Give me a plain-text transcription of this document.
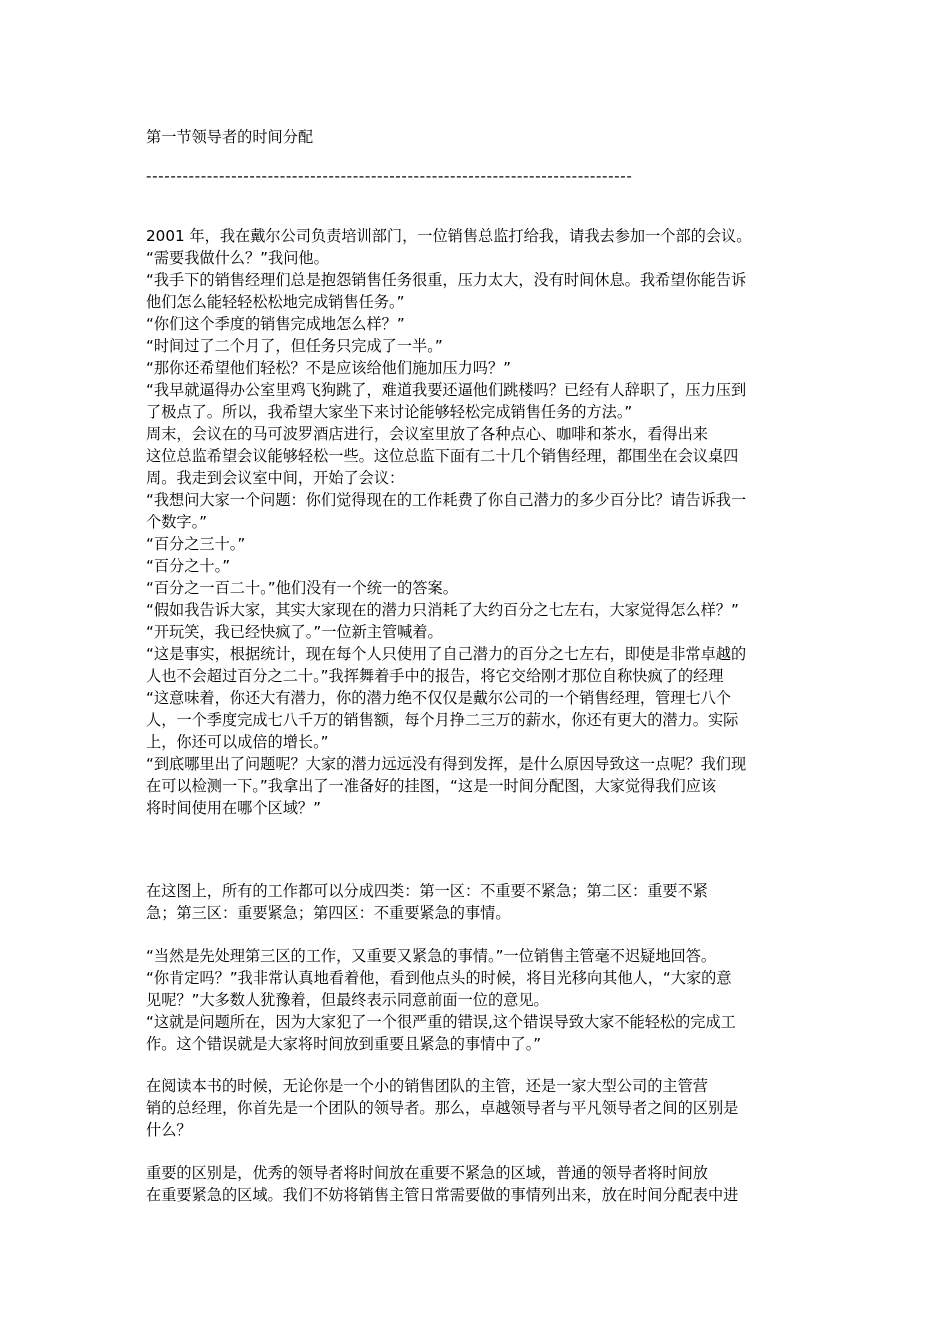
第一节领导者的时间分配
--------------------------------------------------------------------------------
2001 年，我在戴尔公司负责培训部门，一位销售总监打给我，请我去参加一个部的会议。
“需要我做什么？”我问他。
“我手下的销售经理们总是抱怨销售任务很重，压力太大，没有时间休息。我希望你能告诉
他们怎么能轻轻松松地完成销售任务。”
“你们这个季度的销售完成地怎么样？”
“时间过了二个月了，但任务只完成了一半。”
“那你还希望他们轻松？不是应该给他们施加压力吗？”
“我早就逼得办公室里鸡飞狗跳了，难道我要还逼他们跳楼吗？已经有人辞职了，压力压到
了极点了。所以，我希望大家坐下来讨论能够轻松完成销售任务的方法。”
周末，会议在的马可波罗酒店进行，会议室里放了各种点心、咖啡和茶水，看得出来
这位总监希望会议能够轻松一些。这位总监下面有二十几个销售经理，都围坐在会议桌四
周。我走到会议室中间，开始了会议：
“我想问大家一个问题：你们觉得现在的工作耗费了你自己潜力的多少百分比？请告诉我一
个数字。”
“百分之三十。”
“百分之十。”
“百分之一百二十。”他们没有一个统一的答案。
“假如我告诉大家，其实大家现在的潜力只消耗了大约百分之七左右，大家觉得怎么样？”
“开玩笑，我已经快疯了。”一位新主管喊着。
“这是事实，根据统计，现在每个人只使用了自己潜力的百分之七左右，即使是非常卓越的
人也不会超过百分之二十。”我挥舞着手中的报告，将它交给刚才那位自称快疯了的经理
“这意味着，你还大有潜力，你的潜力绝不仅仅是戴尔公司的一个销售经理，管理七八个
人，一个季度完成七八千万的销售额，每个月挣二三万的薪水，你还有更大的潜力。实际
上，你还可以成倍的增长。”
“到底哪里出了问题呢？大家的潜力远远没有得到发挥，是什么原因导致这一点呢？我们现
在可以检测一下。”我拿出了一准备好的挂图，“这是一时间分配图，大家觉得我们应该
将时间使用在哪个区域？”
在这图上，所有的工作都可以分成四类：第一区：不重要不紧急；第二区：重要不紧
急；第三区：重要紧急；第四区：不重要紧急的事情。
“当然是先处理第三区的工作，又重要又紧急的事情。”一位销售主管毫不迟疑地回答。
“你肯定吗？”我非常认真地看着他，看到他点头的时候，将目光移向其他人，“大家的意
见呢？”大多数人犹豫着，但最终表示同意前面一位的意见。
“这就是问题所在，因为大家犯了一个很严重的错误,这个错误导致大家不能轻松的完成工
作。这个错误就是大家将时间放到重要且紧急的事情中了。”
在阅读本书的时候，无论你是一个小的销售团队的主管，还是一家大型公司的主管营
销的总经理，你首先是一个团队的领导者。那么，卓越领导者与平凡领导者之间的区别是
什么？
重要的区别是，优秀的领导者将时间放在重要不紧急的区域，普通的领导者将时间放
在重要紧急的区域。我们不妨将销售主管日常需要做的事情列出来，放在时间分配表中进
